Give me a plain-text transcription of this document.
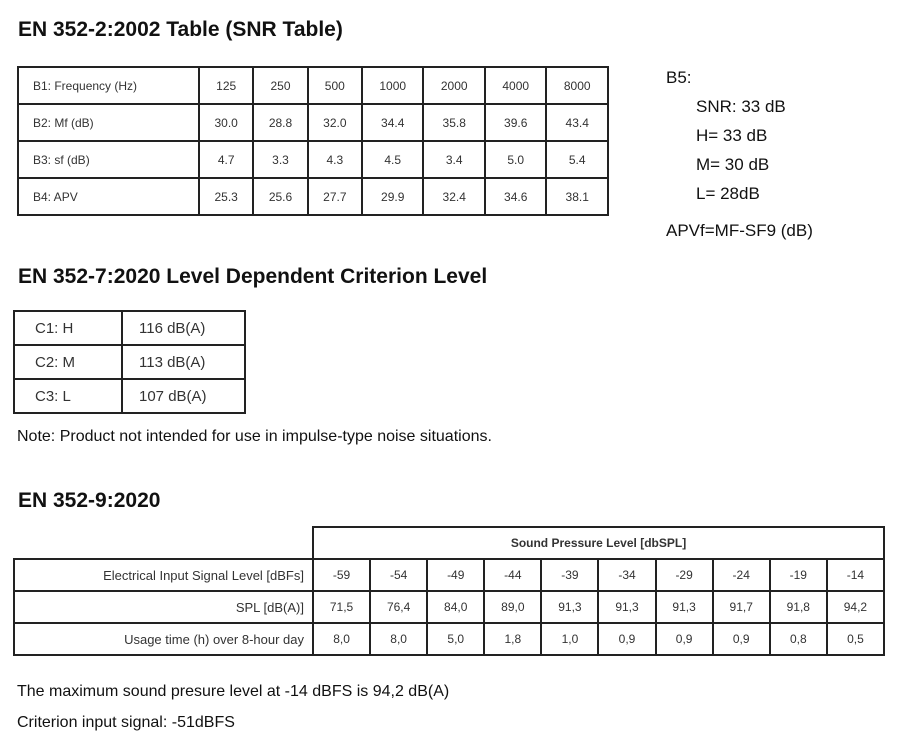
EN 352-2:2002 Table (SNR Table)
B1: Frequency (Hz)	125	250	500	1000	2000	4000	8000
B2: Mf (dB)	30.0	28.8	32.0	34.4	35.8	39.6	43.4
B3: sf (dB)	4.7	3.3	4.3	4.5	3.4	5.0	5.4
B4: APV	25.3	25.6	27.7	29.9	32.4	34.6	38.1
B5:
SNR: 33 dB
H= 33 dB
M= 30 dB
L= 28dB
APVf=MF-SF9 (dB)
EN 352-7:2020 Level Dependent Criterion Level
C1: H	116 dB(A)
C2: M	113 dB(A)
C3: L	107 dB(A)
Note: Product not intended for use in impulse-type noise situations.
EN 352-9:2020
	Sound Pressure Level [dbSPL]									
Electrical Input Signal Level [dBFs]	-59	-54	-49	-44	-39	-34	-29	-24	-19	-14
SPL [dB(A)]	71,5	76,4	84,0	89,0	91,3	91,3	91,3	91,7	91,8	94,2
Usage time (h) over 8-hour day	8,0	8,0	5,0	1,8	1,0	0,9	0,9	0,9	0,8	0,5
The maximum sound presure level at -14 dBFS is 94,2 dB(A)
Criterion input signal: -51dBFS
